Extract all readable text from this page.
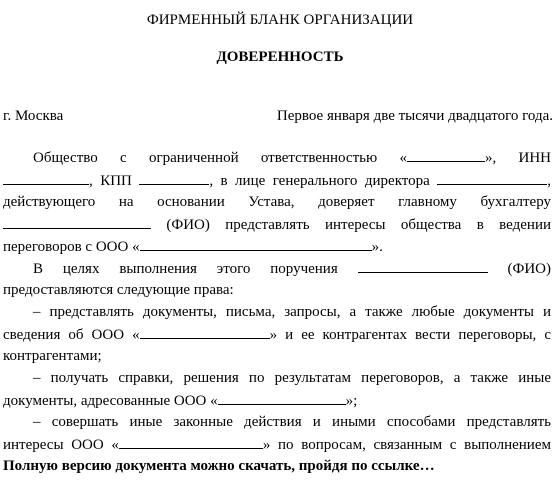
ФИРМЕННЫЙ БЛАНК ОРГАНИЗАЦИИ
ДОВЕРЕННОСТЬ
г. Москва	Первое января две тысячи двадцатого года.
Общество с ограниченной ответственностью «	», ИНН
, КПП	, в лице генерального директора	,
действующего на основании Устава, доверяет главному бухгалтеру
(ФИО) представлять интересы общества в ведении
переговоров с ООО «	».
В целях выполнения этого поручения	(ФИО)
предоставляются следующие права:
– представлять документы, письма, запросы, а также любые документы и
сведения об ООО «	» и ее контрагентах вести переговоры, с
контрагентами;
– получать справки, решения по результатам переговоров, а также иные
документы, адресованные ООО «	»;
– совершать иные законные действия и иными способами представлять
интересы ООО «	» по вопросам, связанным с выполнением
Полную версию документа можно скачать, пройдя по ссылке…
